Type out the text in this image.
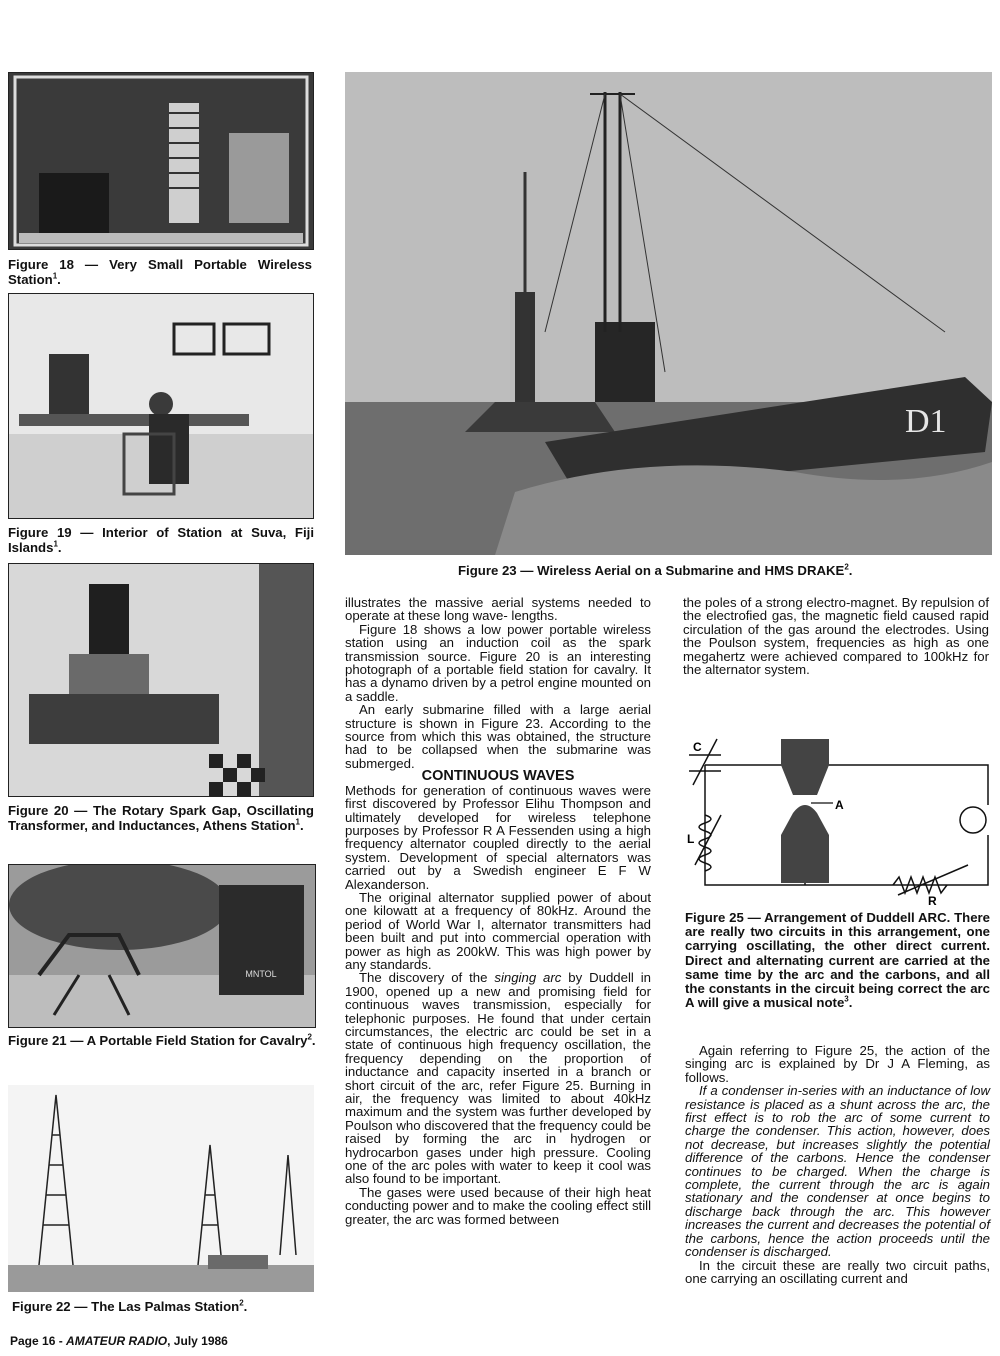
Figure 18 — Very Small Portable Wireless Station$^1$.

Figure 19 — Interior of Station at Suva, Fiji Islands$^1$.

Figure 20 — The Rotary Spark Gap, Oscillating Transformer, and Inductances, Athens Station$^1$.

MNTOL

Figure 21 — A Portable Field Station for Cavalry$^2$.

Figure 22 — The Las Palmas Station$^2$.

D1

Figure 23 — Wireless Aerial on a Submarine and HMS DRAKE$^2$.

illustrates the massive aerial systems needed to operate at these long wave- lengths.

Figure 18 shows a low power portable wireless station using an induction coil as the spark transmission source. Figure 20 is an interesting photograph of a portable field station for cavalry. It has a dynamo driven by a petrol engine mounted on a saddle.

An early submarine filled with a large aerial structure is shown in Figure 23. According to the source from which this was obtained, the structure had to be collapsed when the submarine was submerged.

CONTINUOUS WAVES

Methods for generation of continuous waves were first discovered by Professor Elihu Thompson and ultimately developed for wireless telephone purposes by Professor R A Fessenden using a high frequency alternator coupled directly to the aerial system. Development of special alternators was carried out by a Swedish engineer E F W Alexanderson.

The original alternator supplied power of about one kilowatt at a frequency of 80kHz. Around the period of World War I, alternator transmitters had been built and put into commercial operation with power as high as 200kW. This was high power by any standards.

The discovery of the singing arc by Duddell in 1900, opened up a new and promising field for continuous waves transmission, especially for telephonic purposes. He found that under certain circumstances, the electric arc could be set in a state of continuous high frequency oscillation, the frequency depending on the proportion of inductance and capacity inserted in a branch or short circuit of the arc, refer Figure 25. Burning in air, the frequency was limited to about 40kHz maximum and the system was further developed by Poulson who discovered that the frequency could be raised by forming the arc in hydrogen or hydrocarbon gases under high pressure. Cooling one of the arc poles with water to keep it cool was also found to be important.

The gases were used because of their high heat conducting power and to make the cooling effect still greater, the arc was formed between

the poles of a strong electro-magnet. By repulsion of the electrofied gas, the magnetic field caused rapid circulation of the gas around the electrodes. Using the Poulson system, frequencies as high as one megahertz were achieved compared to 100kHz for the alternator system.

C
A
L
R

Figure 25 — Arrangement of Duddell ARC. There are really two circuits in this arrangement, one carrying oscillating, the other direct current. Direct and alternating current are carried at the same time by the arc and the carbons, and all the constants in the circuit being correct the arc A will give a musical note$^3$.

Again referring to Figure 25, the action of the singing arc is explained by Dr J A Fleming, as follows.

If a condenser in-series with an inductance of low resistance is placed as a shunt across the arc, the first effect is to rob the arc of some current to charge the condenser. This action, however, does not decrease, but increases slightly the potential difference of the carbons. Hence the condenser continues to be charged. When the charge is complete, the current through the arc is again stationary and the condenser at once begins to discharge back through the arc. This however increases the current and decreases the potential of the carbons, hence the action proceeds until the condenser is discharged.

In the circuit these are really two circuit paths, one carrying an oscillating current and

Page 16 - AMATEUR RADIO, July 1986
